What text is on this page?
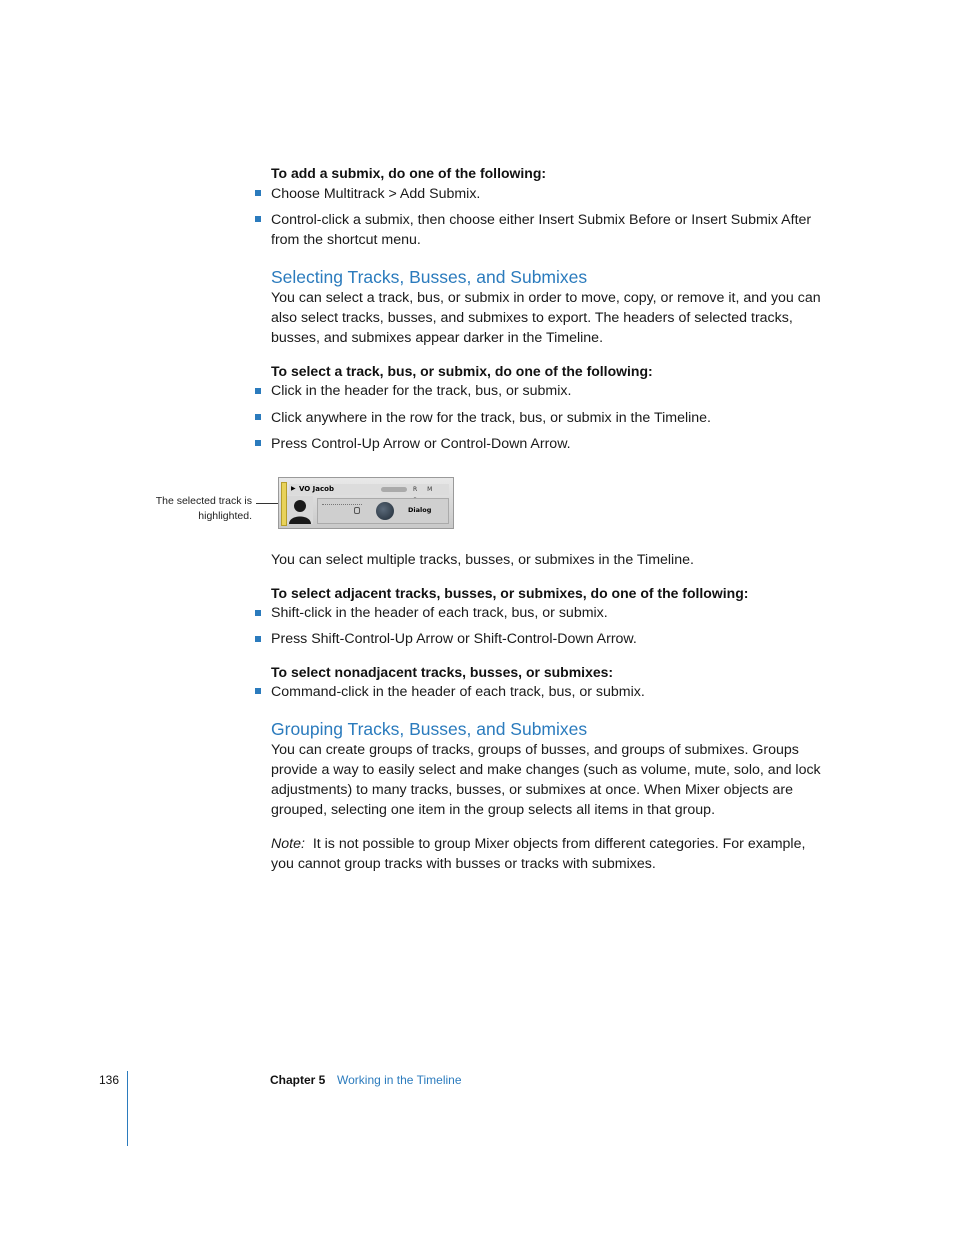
To add a submix, do one of the following:
Choose Multitrack > Add Submix.
Control-click a submix, then choose either Insert Submix Before or Insert Submix After from the shortcut menu.
Selecting Tracks, Busses, and Submixes
You can select a track, bus, or submix in order to move, copy, or remove it, and you can also select tracks, busses, and submixes to export. The headers of selected tracks, busses, and submixes appear darker in the Timeline.
To select a track, bus, or submix, do one of the following:
Click in the header for the track, bus, or submix.
Click anywhere in the row for the track, bus, or submix in the Timeline.
Press Control-Up Arrow or Control-Down Arrow.
The selected track is highlighted.
▶ VO Jacob	R M
Dialog
You can select multiple tracks, busses, or submixes in the Timeline.
To select adjacent tracks, busses, or submixes, do one of the following:
Shift-click in the header of each track, bus, or submix.
Press Shift-Control-Up Arrow or Shift-Control-Down Arrow.
To select nonadjacent tracks, busses, or submixes:
Command-click in the header of each track, bus, or submix.
Grouping Tracks, Busses, and Submixes
You can create groups of tracks, groups of busses, and groups of submixes. Groups provide a way to easily select and make changes (such as volume, mute, solo, and lock adjustments) to many tracks, busses, or submixes at once. When Mixer objects are grouped, selecting one item in the group selects all items in that group.
Note: It is not possible to group Mixer objects from different categories. For example, you cannot group tracks with busses or tracks with submixes.
136	Chapter 5 Working in the Timeline
